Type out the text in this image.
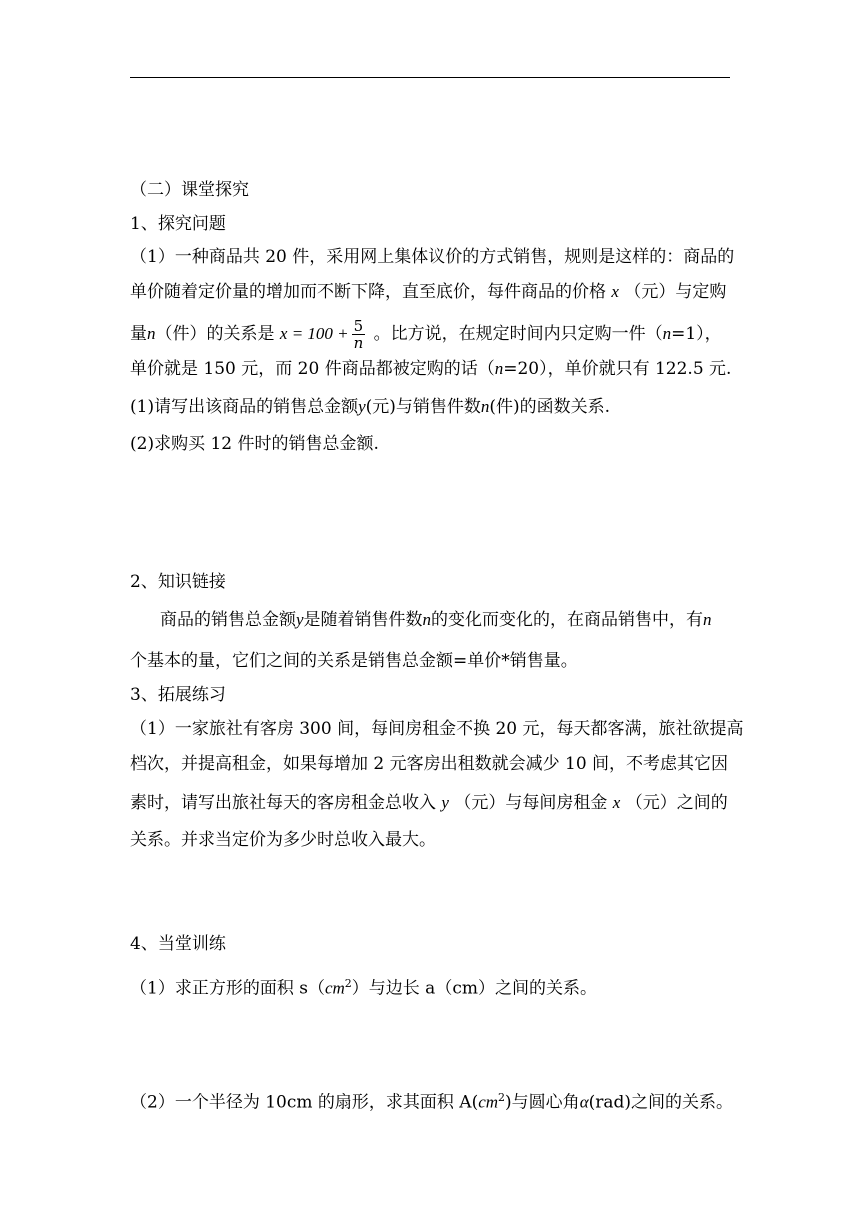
（二）课堂探究
1、探究问题
（1）一种商品共 20 件，采用网上集体议价的方式销售，规则是这样的：商品的
单价随着定价量的增加而不断下降，直至底价，每件商品的价格 x （元）与定购
量n（件）的关系是 $x = 100 + \frac{5}{n}$ 。比方说，在规定时间内只定购一件（n=1），
单价就是 150 元，而 20 件商品都被定购的话（n=20），单价就只有 122.5 元.
(1)请写出该商品的销售总金额y(元)与销售件数n(件)的函数关系.
(2)求购买 12 件时的销售总金额.
2、知识链接
商品的销售总金额y是随着销售件数n的变化而变化的，在商品销售中，有n
个基本的量，它们之间的关系是销售总金额=单价*销售量。
3、拓展练习
（1）一家旅社有客房 300 间，每间房租金不换 20 元，每天都客满，旅社欲提高
档次，并提高租金，如果每增加 2 元客房出租数就会减少 10 间，不考虑其它因
素时，请写出旅社每天的客房租金总收入 y （元）与每间房租金 x （元）之间的
关系。并求当定价为多少时总收入最大。
4、当堂训练
（1）求正方形的面积 $s(cm^2)$与边长 a（cm）之间的关系。
（2）一个半径为 10cm 的扇形，求其面积 $A(cm^2)$与圆心角α(rad)之间的关系。
